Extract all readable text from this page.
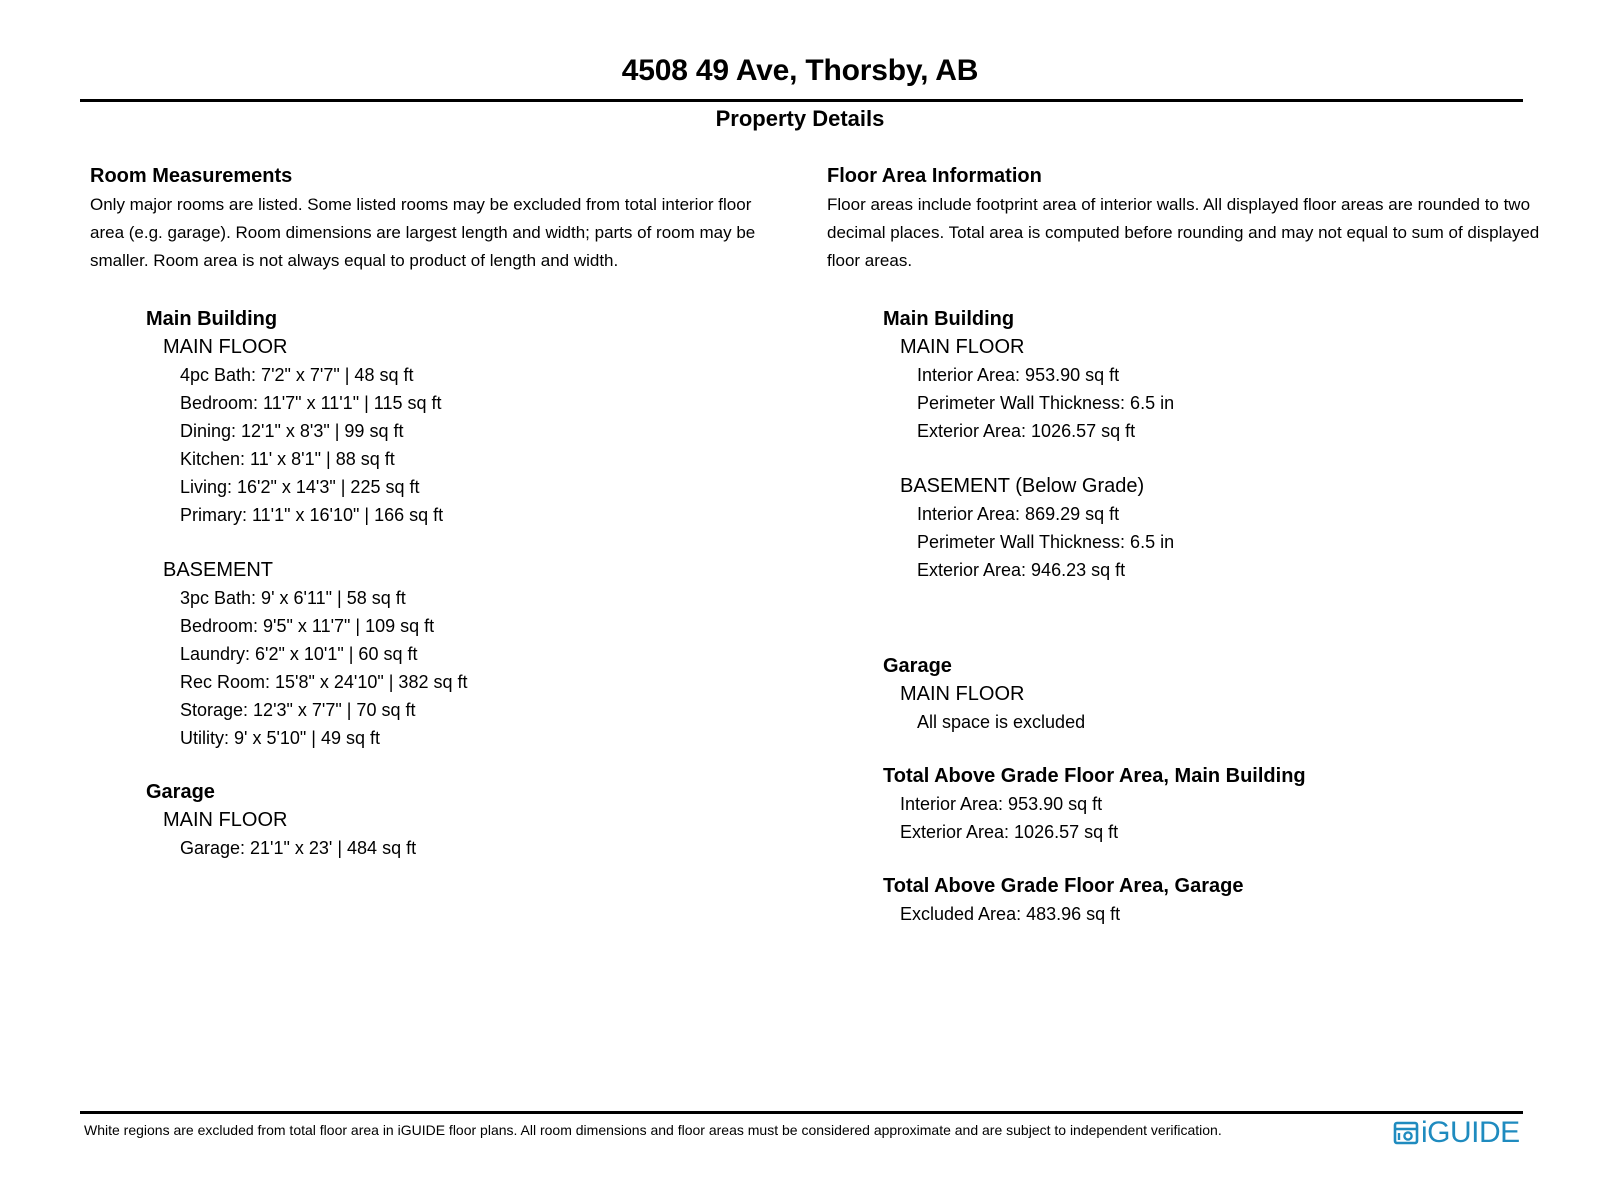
4508 49 Ave, Thorsby, AB
Property Details
Room Measurements
Only major rooms are listed. Some listed rooms may be excluded from total interior floor area (e.g. garage). Room dimensions are largest length and width; parts of room may be smaller. Room area is not always equal to product of length and width.
Main Building
MAIN FLOOR
4pc Bath: 7'2" x 7'7" | 48 sq ft
Bedroom: 11'7" x 11'1" | 115 sq ft
Dining: 12'1" x 8'3" | 99 sq ft
Kitchen: 11' x 8'1" | 88 sq ft
Living: 16'2" x 14'3" | 225 sq ft
Primary: 11'1" x 16'10" | 166 sq ft
BASEMENT
3pc Bath: 9' x 6'11" | 58 sq ft
Bedroom: 9'5" x 11'7" | 109 sq ft
Laundry: 6'2" x 10'1" | 60 sq ft
Rec Room: 15'8" x 24'10" | 382 sq ft
Storage: 12'3" x 7'7" | 70 sq ft
Utility: 9' x 5'10" | 49 sq ft
Garage
MAIN FLOOR
Garage: 21'1" x 23' | 484 sq ft
Floor Area Information
Floor areas include footprint area of interior walls. All displayed floor areas are rounded to two decimal places. Total area is computed before rounding and may not equal to sum of displayed floor areas.
Main Building
MAIN FLOOR
Interior Area: 953.90 sq ft
Perimeter Wall Thickness: 6.5 in
Exterior Area: 1026.57 sq ft
BASEMENT (Below Grade)
Interior Area: 869.29 sq ft
Perimeter Wall Thickness: 6.5 in
Exterior Area: 946.23 sq ft
Garage
MAIN FLOOR
All space is excluded
Total Above Grade Floor Area, Main Building
Interior Area: 953.90 sq ft
Exterior Area: 1026.57 sq ft
Total Above Grade Floor Area, Garage
Excluded Area: 483.96 sq ft
White regions are excluded from total floor area in iGUIDE floor plans. All room dimensions and floor areas must be considered approximate and are subject to independent verification.	iGUIDE
